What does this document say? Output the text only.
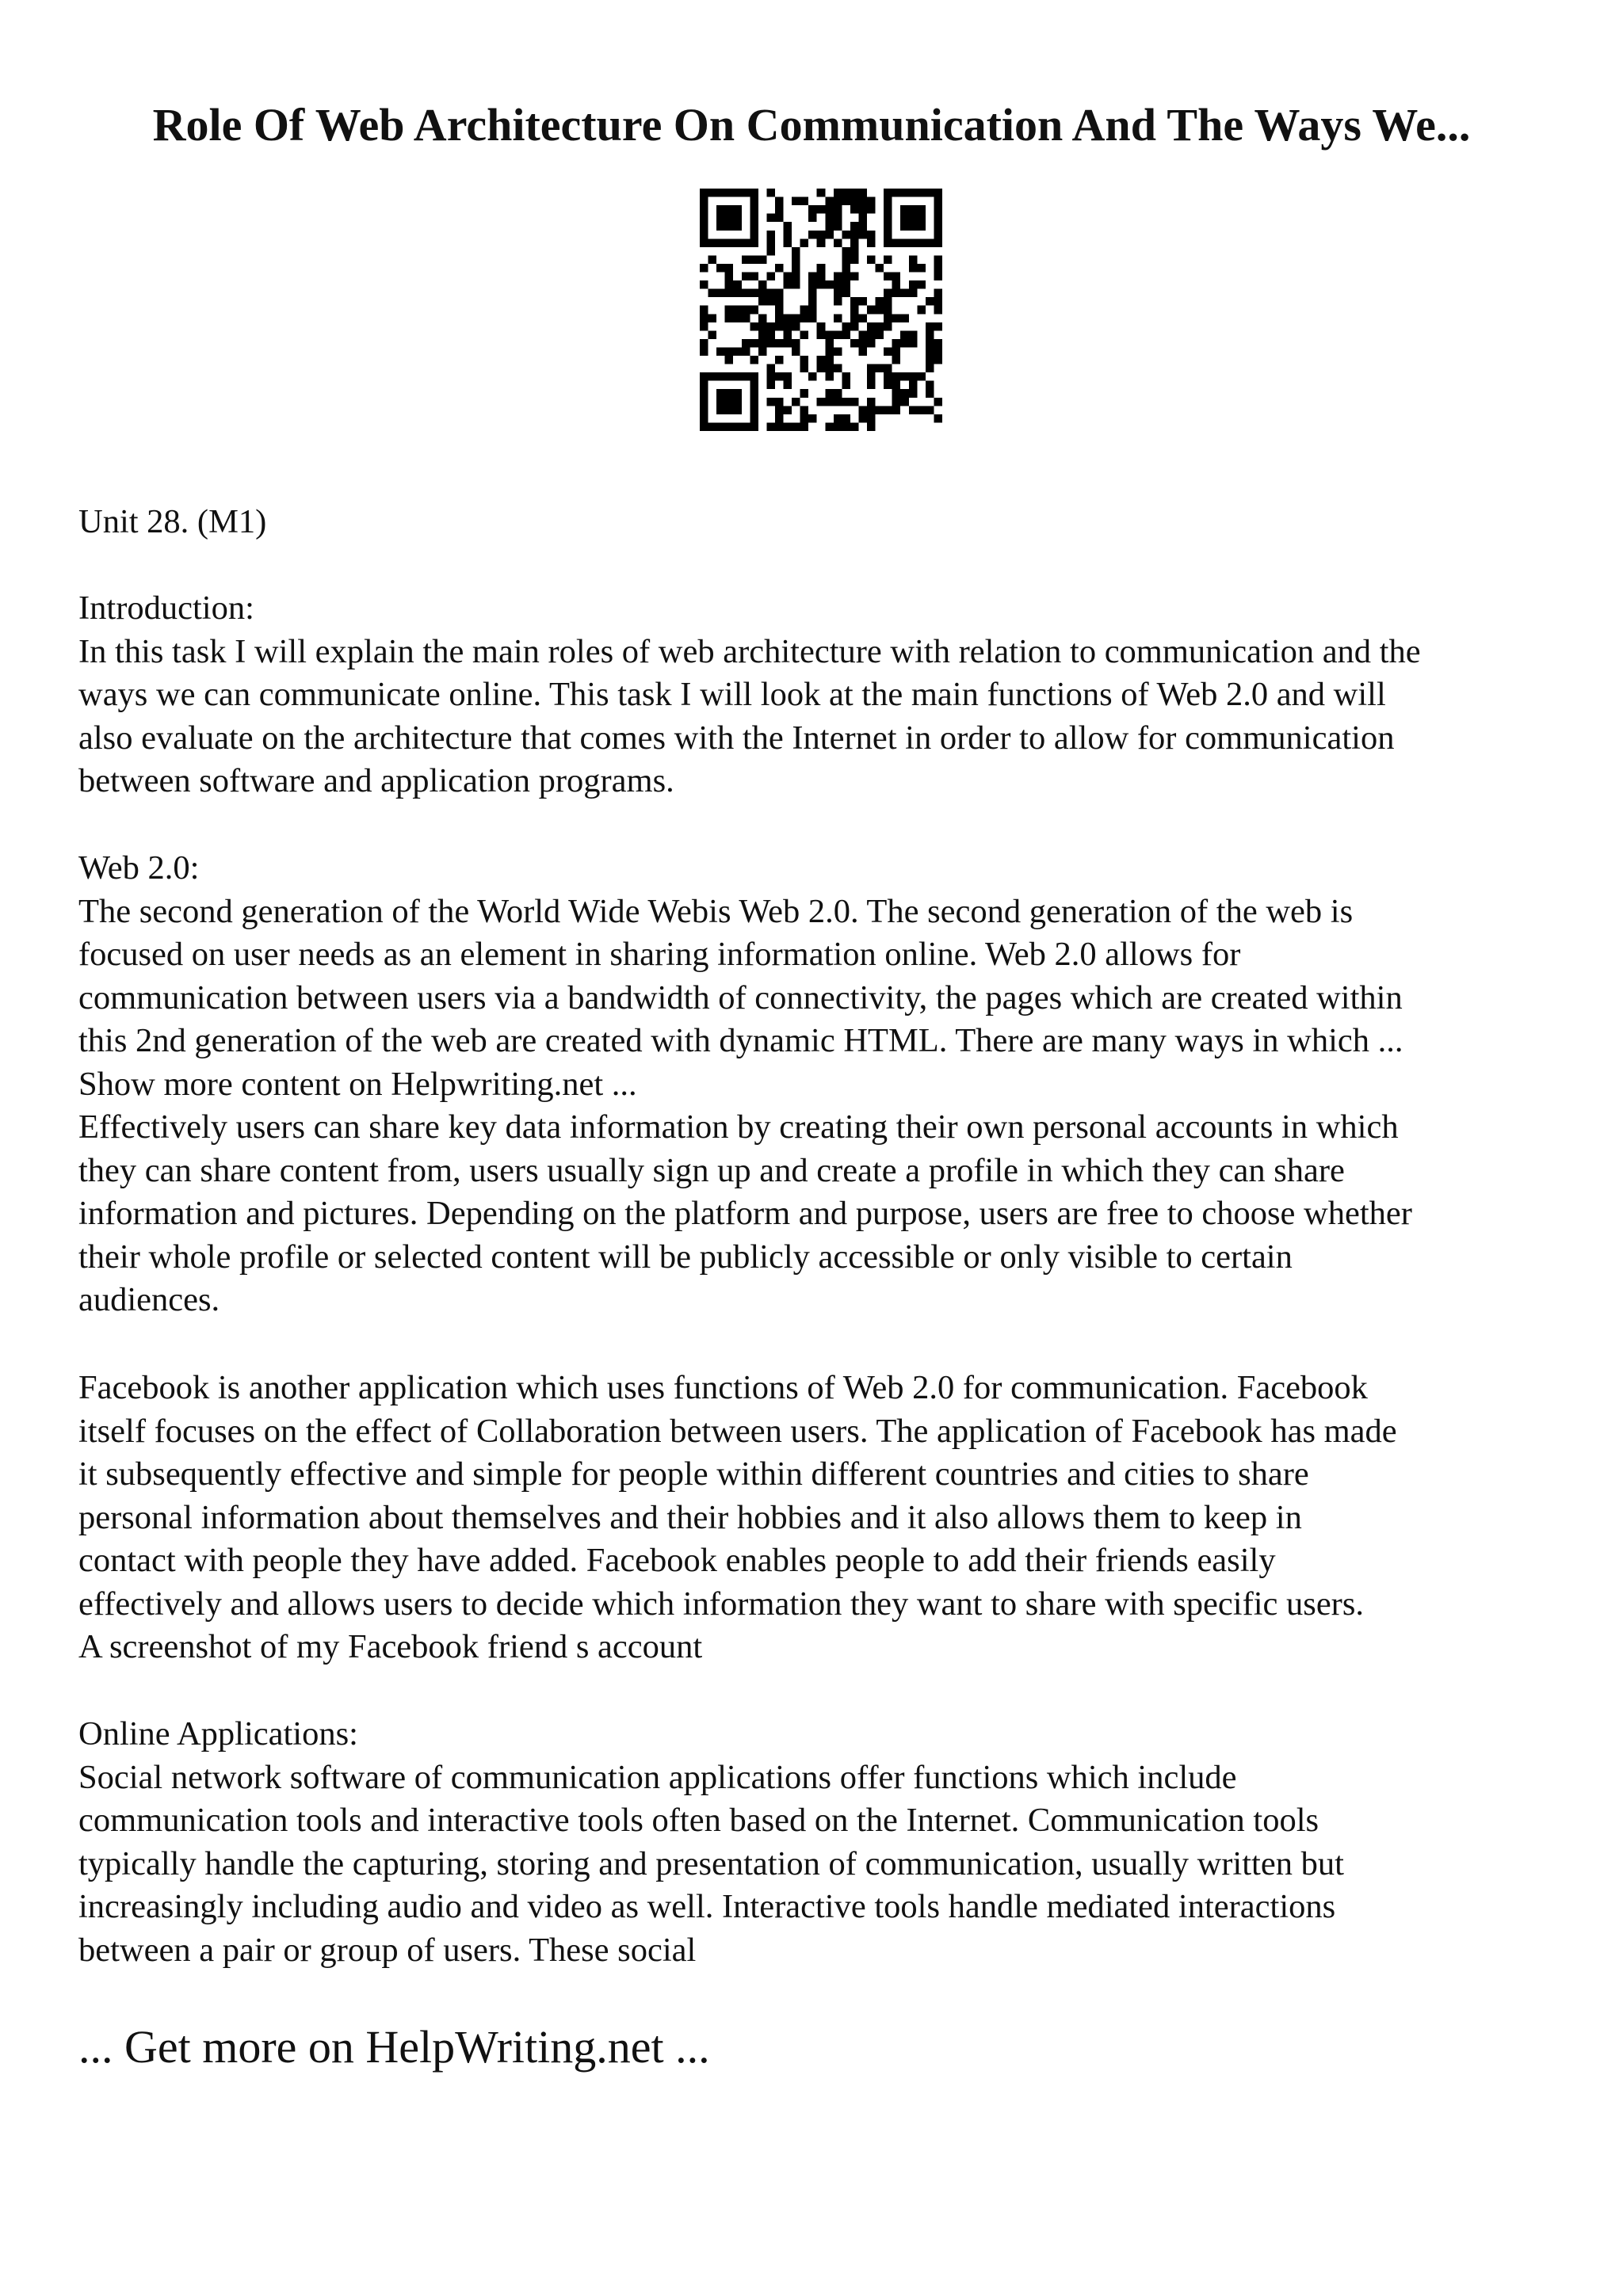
Role Of Web Architecture On Communication And The Ways We...
Unit 28. (M1)
Introduction:
In this task I will explain the main roles of web architecture with relation to communication and the
ways we can communicate online. This task I will look at the main functions of Web 2.0 and will
also evaluate on the architecture that comes with the Internet in order to allow for communication
between software and application programs.
Web 2.0:
The second generation of the World Wide Webis Web 2.0. The second generation of the web is
focused on user needs as an element in sharing information online. Web 2.0 allows for
communication between users via a bandwidth of connectivity, the pages which are created within
this 2nd generation of the web are created with dynamic HTML. There are many ways in which ...
Show more content on Helpwriting.net ...
Effectively users can share key data information by creating their own personal accounts in which
they can share content from, users usually sign up and create a profile in which they can share
information and pictures. Depending on the platform and purpose, users are free to choose whether
their whole profile or selected content will be publicly accessible or only visible to certain
audiences.
Facebook is another application which uses functions of Web 2.0 for communication. Facebook
itself focuses on the effect of Collaboration between users. The application of Facebook has made
it subsequently effective and simple for people within different countries and cities to share
personal information about themselves and their hobbies and it also allows them to keep in
contact with people they have added. Facebook enables people to add their friends easily
effectively and allows users to decide which information they want to share with specific users.
A screenshot of my Facebook friend s account
Online Applications:
Social network software of communication applications offer functions which include
communication tools and interactive tools often based on the Internet. Communication tools
typically handle the capturing, storing and presentation of communication, usually written but
increasingly including audio and video as well. Interactive tools handle mediated interactions
between a pair or group of users. These social
... Get more on HelpWriting.net ...
